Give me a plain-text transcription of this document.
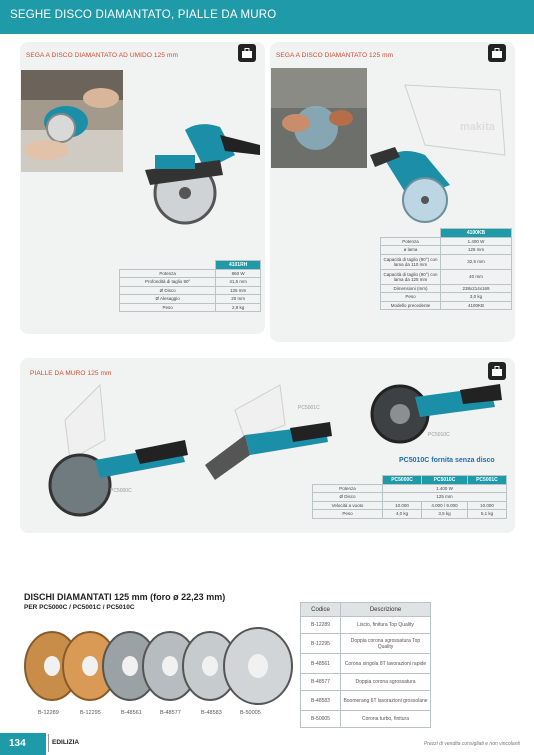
SEGHE DISCO DIAMANTATO, PIALLE DA MURO
SEGA A DISCO DIAMANTATO AD UMIDO 125 mm
	4101RH
Potenza	860 W
Profondità di taglio 90°	41,5 mm
Ø Disco	125 mm
Ø Alesaggio	20 mm
Peso	2,9 kg
SEGA A DISCO DIAMANTATO 125 mm
makita
	4100KB
Potenza	1.400 W
ø lama	125 mm
Capacità di taglio (90°) con lama da 110 mm	32,5 mm
Capacità di taglio (90°) con lama da 125 mm	40 mm
Dimensioni (mm)	238x214x169
Peso	3,0 kg
Modello precedente	4100KB
PIALLE DA MURO 125 mm
PC5000C
PC5001C
PC5010C
PC5010C fornita senza disco
	PC5000C	PC5010C	PC5001C
Potenza	1.400 W		
Ø Disco	125 mm		
Velocità a vuoto	10.000	4.000 / 9.000	10.000
Peso	4,0 kg	3,5 kg	5,1 kg
DISCHI DIAMANTATI 125 mm (foro ø 22,23 mm)
PER PC5000C / PC5001C / PC5010C
B-12289	B-12295	B-48561	B-48577	B-48583	B-50005
Codice	Descrizione
B-12289	Liscio, finitura Top Quality
B-12295	Doppia corona sgrossatura Top Quality
B-48561	Corona singola 8T lavorazioni rapide
B-48577	Doppia corona sgrossatura
B-48583	Boomerang 6T lavorazioni grossolane
B-50005	Corona turbo, finitura
134	EDILIZIA	Prezzi di vendita consigliati e non vincolanti
